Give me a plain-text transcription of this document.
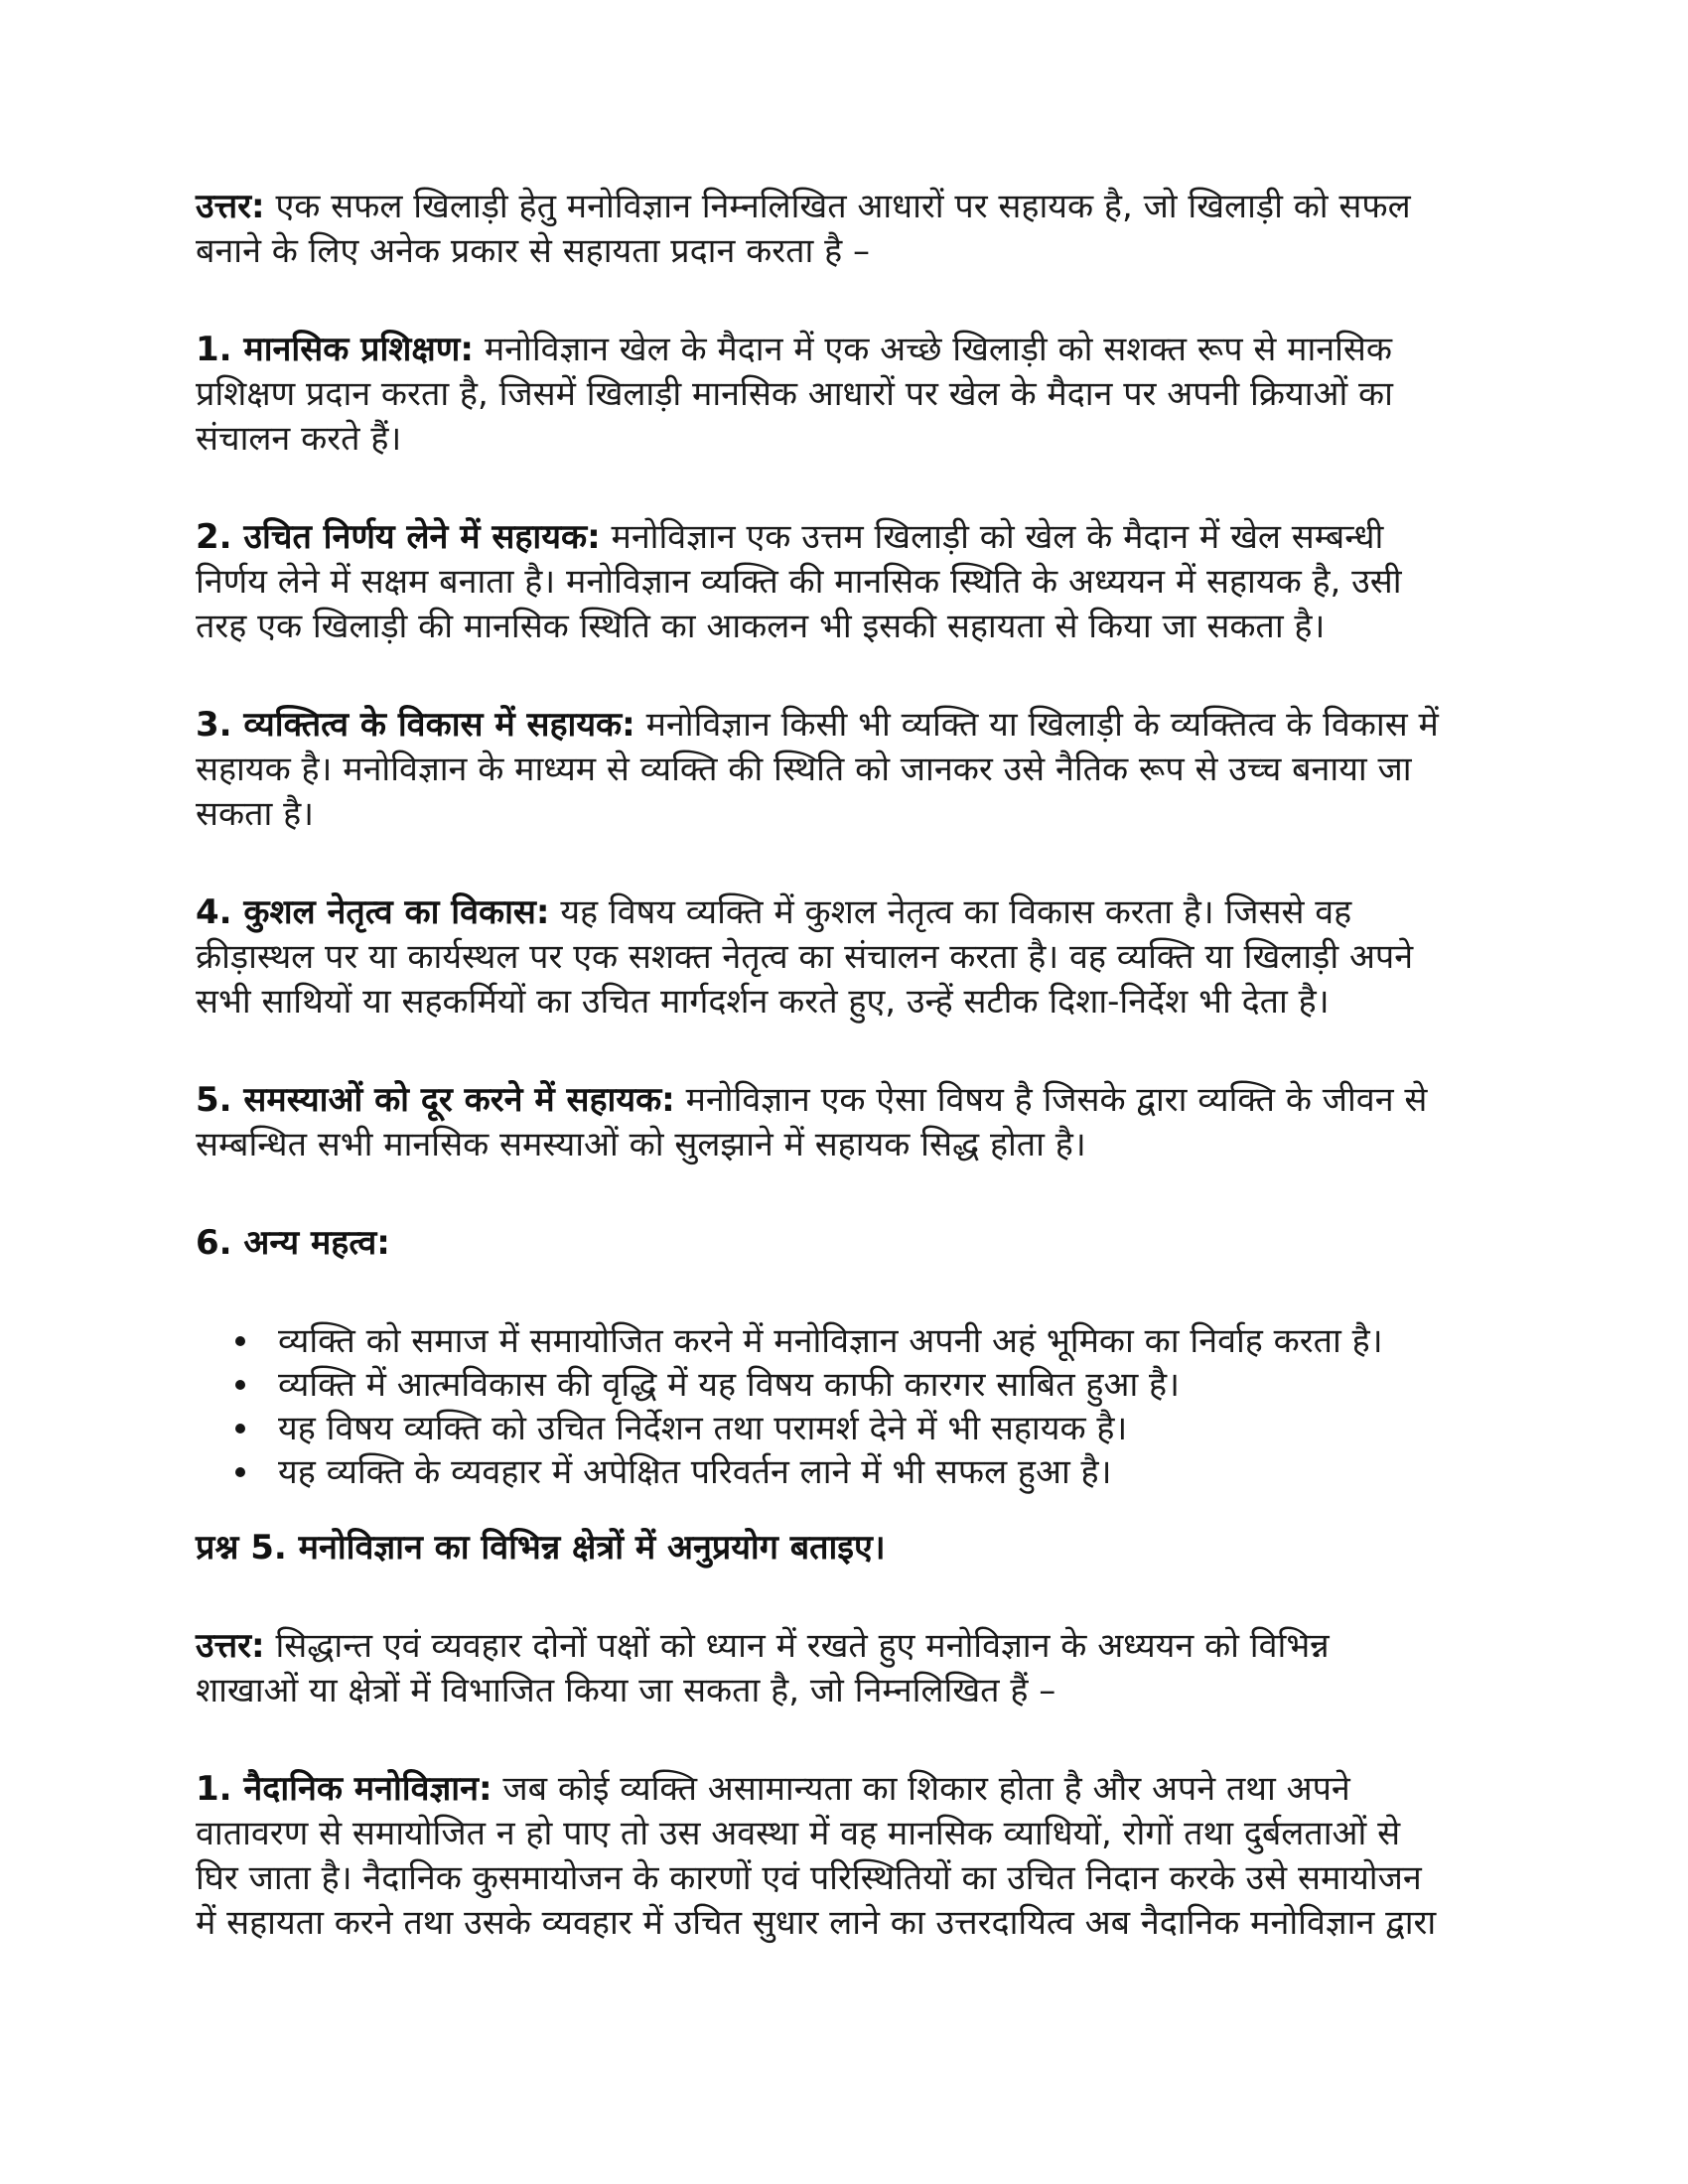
उत्तर: एक सफल खिलाड़ी हेतु मनोविज्ञान निम्नलिखित आधारों पर सहायक है, जो खिलाड़ी को सफल बनाने के लिए अनेक प्रकार से सहायता प्रदान करता है –

1. मानसिक प्रशिक्षण: मनोविज्ञान खेल के मैदान में एक अच्छे खिलाड़ी को सशक्त रूप से मानसिक प्रशिक्षण प्रदान करता है, जिसमें खिलाड़ी मानसिक आधारों पर खेल के मैदान पर अपनी क्रियाओं का संचालन करते हैं।

2. उचित निर्णय लेने में सहायक: मनोविज्ञान एक उत्तम खिलाड़ी को खेल के मैदान में खेल सम्बन्धी निर्णय लेने में सक्षम बनाता है। मनोविज्ञान व्यक्ति की मानसिक स्थिति के अध्ययन में सहायक है, उसी तरह एक खिलाड़ी की मानसिक स्थिति का आकलन भी इसकी सहायता से किया जा सकता है।

3. व्यक्तित्व के विकास में सहायक: मनोविज्ञान किसी भी व्यक्ति या खिलाड़ी के व्यक्तित्व के विकास में सहायक है। मनोविज्ञान के माध्यम से व्यक्ति की स्थिति को जानकर उसे नैतिक रूप से उच्च बनाया जा सकता है।

4. कुशल नेतृत्व का विकास: यह विषय व्यक्ति में कुशल नेतृत्व का विकास करता है। जिससे वह क्रीड़ास्थल पर या कार्यस्थल पर एक सशक्त नेतृत्व का संचालन करता है। वह व्यक्ति या खिलाड़ी अपने सभी साथियों या सहकर्मियों का उचित मार्गदर्शन करते हुए, उन्हें सटीक दिशा-निर्देश भी देता है।

5. समस्याओं को दूर करने में सहायक: मनोविज्ञान एक ऐसा विषय है जिसके द्वारा व्यक्ति के जीवन से सम्बन्धित सभी मानसिक समस्याओं को सुलझाने में सहायक सिद्ध होता है।

6. अन्य महत्व:
व्यक्ति को समाज में समायोजित करने में मनोविज्ञान अपनी अहं भूमिका का निर्वाह करता है।
व्यक्ति में आत्मविकास की वृद्धि में यह विषय काफी कारगर साबित हुआ है।
यह विषय व्यक्ति को उचित निर्देशन तथा परामर्श देने में भी सहायक है।
यह व्यक्ति के व्यवहार में अपेक्षित परिवर्तन लाने में भी सफल हुआ है।
प्रश्न 5. मनोविज्ञान का विभिन्न क्षेत्रों में अनुप्रयोग बताइए।

उत्तर: सिद्धान्त एवं व्यवहार दोनों पक्षों को ध्यान में रखते हुए मनोविज्ञान के अध्ययन को विभिन्न शाखाओं या क्षेत्रों में विभाजित किया जा सकता है, जो निम्नलिखित हैं –

1. नैदानिक मनोविज्ञान: जब कोई व्यक्ति असामान्यता का शिकार होता है और अपने तथा अपने वातावरण से समायोजित न हो पाए तो उस अवस्था में वह मानसिक व्याधियों, रोगों तथा दुर्बलताओं से घिर जाता है। नैदानिक कुसमायोजन के कारणों एवं परिस्थितियों का उचित निदान करके उसे समायोजन में सहायता करने तथा उसके व्यवहार में उचित सुधार लाने का उत्तरदायित्व अब नैदानिक मनोविज्ञान द्वारा
